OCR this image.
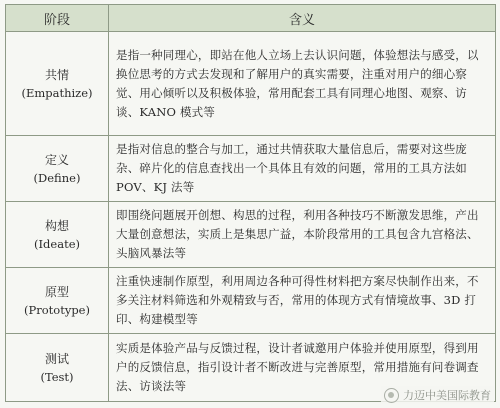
阶段	含义

共情
(Empathize)	是指一种同理心，即站在他人立场上去认识问题，体验想法与感受，以换位思考的方式去发现和了解用户的真实需要，注重对用户的细心察觉、用心倾听以及积极体验，常用配套工具有同理心地图、观察、访谈、KANO 模式等

定义
(Define)	是指对信息的整合与加工，通过共情获取大量信息后，需要对这些庞杂、碎片化的信息查找出一个具体且有效的问题，常用的工具方法如 POV、KJ 法等

构想
(Ideate)	即围绕问题展开创想、构思的过程，利用各种技巧不断激发思维，产出大量创意想法，实质上是集思广益，本阶段常用的工具包含九宫格法、头脑风暴法等

原型
(Prototype)	注重快速制作原型，利用周边各种可得性材料把方案尽快制作出来，不多关注材料筛选和外观精致与否，常用的体现方式有情境故事、3D 打印、构建模型等

测试
(Test)	实质是体验产品与反馈过程，设计者诚邀用户体验并使用原型，得到用户的反馈信息，指引设计者不断改进与完善原型，常用措施有问卷调查法、访谈法等
力迈中美国际教育
